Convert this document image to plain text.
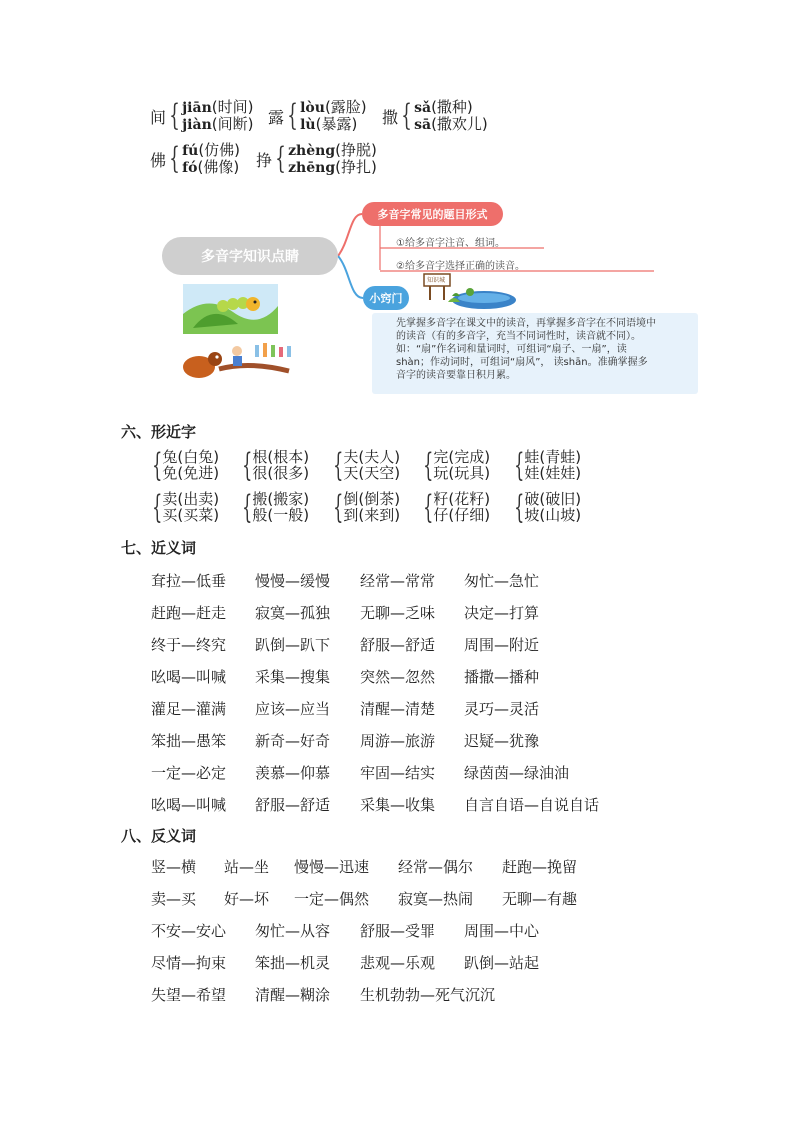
间 { jiān(时间)
jiàn(间断) 露 { lòu(露脸)
lù(暴露)	撒 { sǎ(撒种)
sā(撒欢儿)
佛 { fú(仿佛)
fó(佛像) 挣 { zhèng(挣脱)
zhēng(挣扎)
多音字知识点睛
多音字常见的题目形式
①给多音字注音、组词。
②给多音字选择正确的读音。
小窍门
先掌握多音字在课文中的读音，再掌握多音字在不同语境中
的读音（有的多音字，充当不同词性时，读音就不同）。
如：“扇”作名词和量词时，可组词“扇子、一扇”，读
shàn；作动词时，可组词“扇风”， 读shān。准确掌握多
音字的读音要靠日积月累。
知识城
六、形近字
{ 兔(白兔)
免(免进) { 根(根本)
很(很多) { 夫(夫人)
天(天空) { 完(完成)
玩(玩具) { 蛙(青蛙)
娃(娃娃)
{ 卖(出卖)
买(买菜) { 搬(搬家)
般(一般) { 倒(倒茶)
到(来到) { 籽(花籽)
仔(仔细) { 破(破旧)
坡(山坡)
七、近义词
耷拉—低垂 慢慢—缓慢 经常—常常 匆忙—急忙
赶跑—赶走 寂寞—孤独 无聊—乏味 决定—打算
终于—终究 趴倒—趴下 舒服—舒适 周围—附近
吆喝—叫喊 采集—搜集 突然—忽然 播撒—播种
灌足—灌满 应该—应当 清醒—清楚 灵巧—灵活
笨拙—愚笨 新奇—好奇 周游—旅游 迟疑—犹豫
一定—必定 羡慕—仰慕 牢固—结实 绿茵茵—绿油油
吆喝—叫喊 舒服—舒适 采集—收集 自言自语—自说自话
八、反义词
竖—横 站—坐 慢慢—迅速 经常—偶尔 赶跑—挽留
卖—买 好—坏 一定—偶然 寂寞—热闹 无聊—有趣
不安—安心 匆忙—从容 舒服—受罪 周围—中心
尽情—拘束 笨拙—机灵 悲观—乐观 趴倒—站起
失望—希望 清醒—糊涂 生机勃勃—死气沉沉
